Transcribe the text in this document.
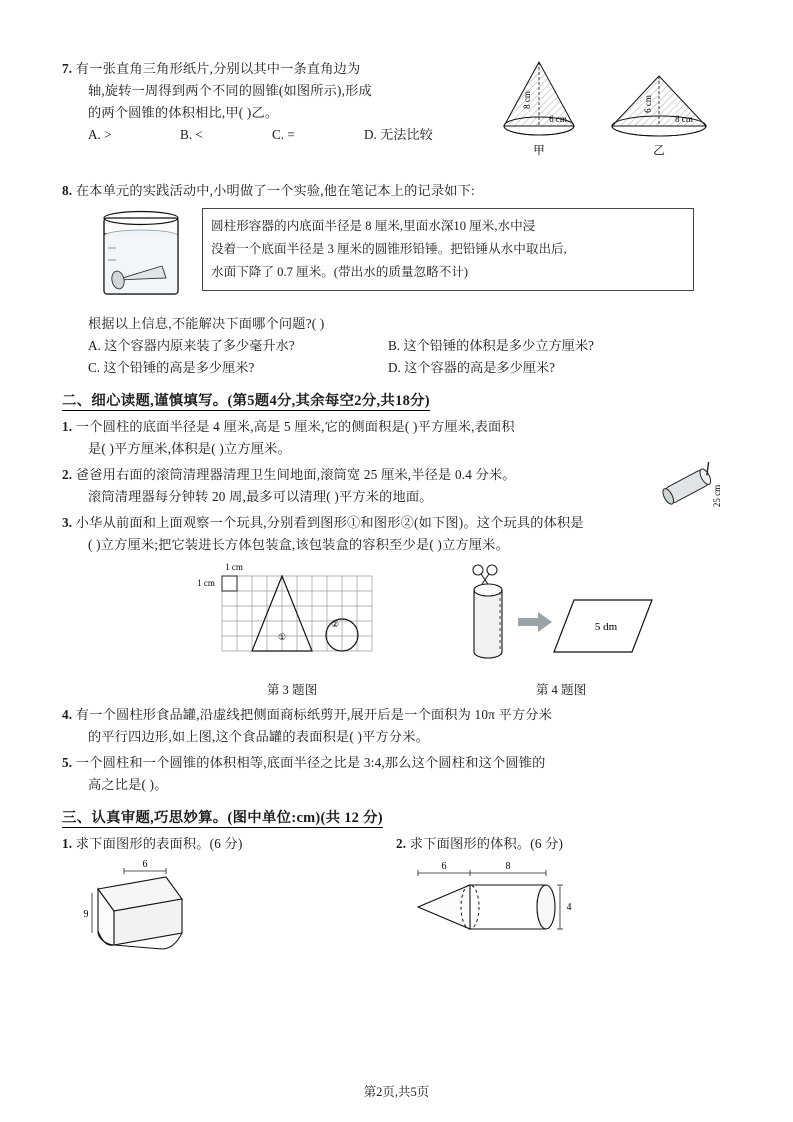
7. 有一张直角三角形纸片,分别以其中一条直角边为
轴,旋转一周得到两个不同的圆锥(如图所示),形成
的两个圆锥的体积相比,甲( )乙。
A. >	B. <	C. =	D. 无法比较
8 cm
6 cm
甲
6 cm
8 cm
乙
8. 在本单元的实践活动中,小明做了一个实验,他在笔记本上的记录如下:
圆柱形容器的内底面半径是 8 厘米,里面水深10 厘米,水中浸
没着一个底面半径是 3 厘米的圆锥形铅锤。把铅锤从水中取出后,
水面下降了 0.7 厘米。(带出水的质量忽略不计)
根据以上信息,不能解决下面哪个问题?( )
A. 这个容器内原来装了多少毫升水?	B. 这个铅锤的体积是多少立方厘米?
C. 这个铅锤的高是多少厘米?	D. 这个容器的高是多少厘米?
二、细心读题,谨慎填写。(第5题4分,其余每空2分,共18分)
1. 一个圆柱的底面半径是 4 厘米,高是 5 厘米,它的侧面积是( )平方厘米,表面积
是( )平方厘米,体积是( )立方厘米。
2. 爸爸用右面的滚筒清理器清理卫生间地面,滚筒宽 25 厘米,半径是 0.4 分米。
滚筒清理器每分钟转 20 周,最多可以清理( )平方米的地面。	25 cm
3. 小华从前面和上面观察一个玩具,分别看到图形①和图形②(如下图)。这个玩具的体积是
( )立方厘米;把它装进长方体包装盒,该包装盒的容积至少是( )立方厘米。
1 cm
1 cm
①
②
第 3 题图
5 dm
第 4 题图
4. 有一个圆柱形食品罐,沿虚线把侧面商标纸剪开,展开后是一个面积为 10π 平方分米
的平行四边形,如上图,这个食品罐的表面积是( )平方分米。
5. 一个圆柱和一个圆锥的体积相等,底面半径之比是 3:4,那么这个圆柱和这个圆锥的
高之比是( )。
三、认真审题,巧思妙算。(图中单位:cm)(共 12 分)
1. 求下面图形的表面积。(6 分)	2. 求下面图形的体积。(6 分)
6
9
6	8
4
第2页,共5页
